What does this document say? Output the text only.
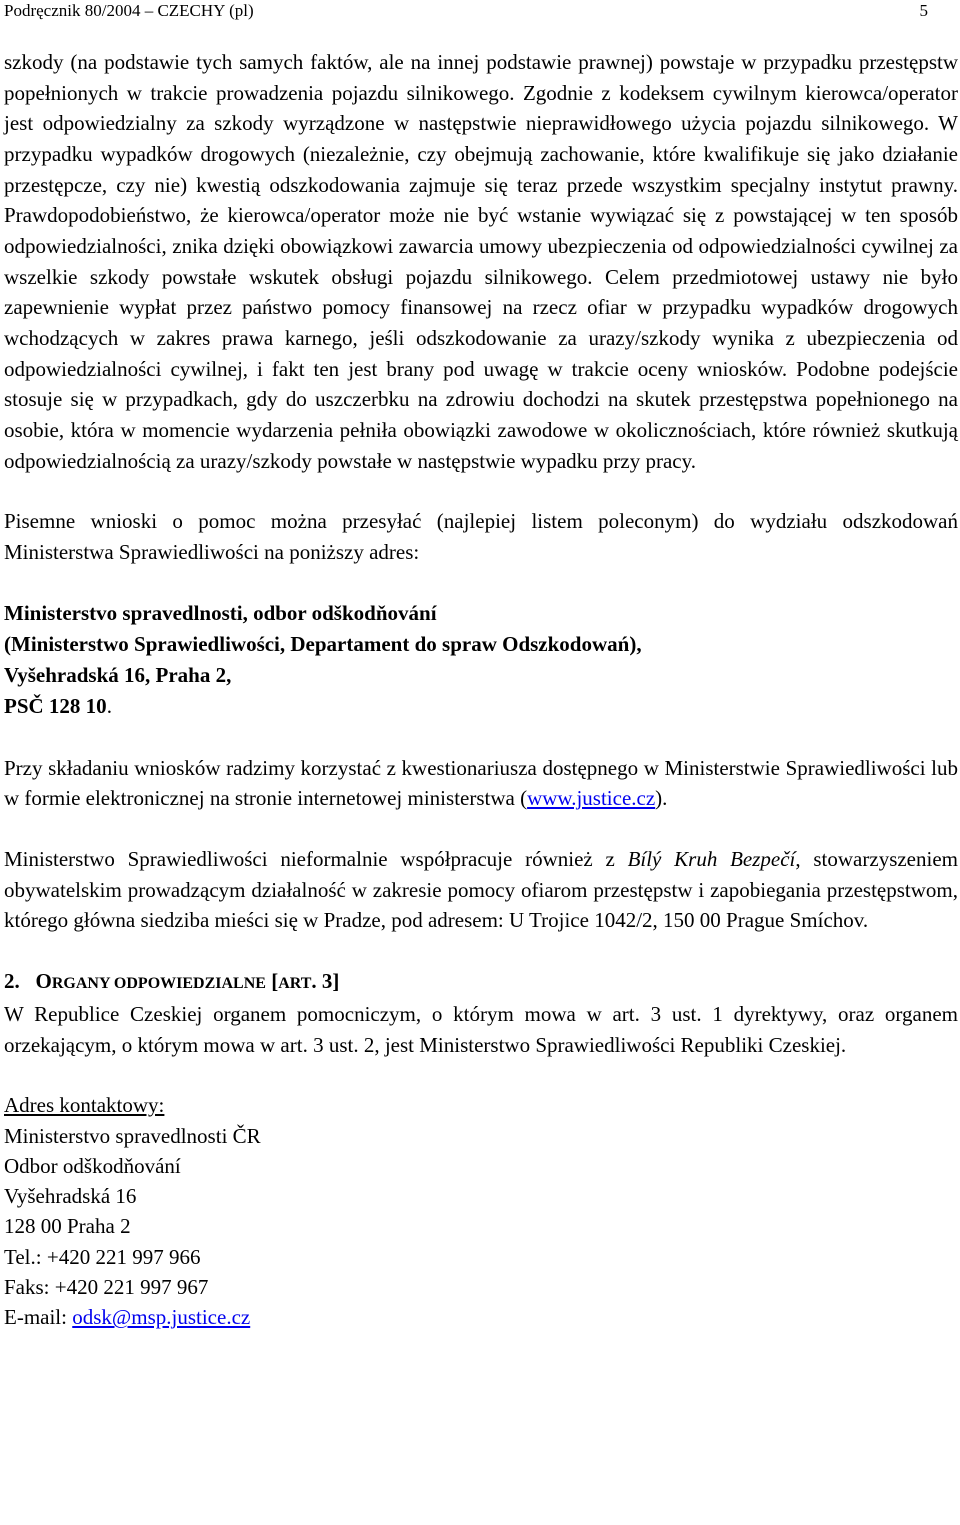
Podręcznik 80/2004 – CZECHY (pl)	5

szkody (na podstawie tych samych faktów, ale na innej podstawie prawnej) powstaje w przypadku przestępstw popełnionych w trakcie prowadzenia pojazdu silnikowego. Zgodnie z kodeksem cywilnym kierowca/operator jest odpowiedzialny za szkody wyrządzone w następstwie nieprawidłowego użycia pojazdu silnikowego. W przypadku wypadków drogowych (niezależnie, czy obejmują zachowanie, które kwalifikuje się jako działanie przestępcze, czy nie) kwestią odszkodowania zajmuje się teraz przede wszystkim specjalny instytut prawny. Prawdopodobieństwo, że kierowca/operator może nie być wstanie wywiązać się z powstającej w ten sposób odpowiedzialności, znika dzięki obowiązkowi zawarcia umowy ubezpieczenia od odpowiedzialności cywilnej za wszelkie szkody powstałe wskutek obsługi pojazdu silnikowego. Celem przedmiotowej ustawy nie było zapewnienie wypłat przez państwo pomocy finansowej na rzecz ofiar w przypadku wypadków drogowych wchodzących w zakres prawa karnego, jeśli odszkodowanie za urazy/szkody wynika z ubezpieczenia od odpowiedzialności cywilnej, i fakt ten jest brany pod uwagę w trakcie oceny wniosków. Podobne podejście stosuje się w przypadkach, gdy do uszczerbku na zdrowiu dochodzi na skutek przestępstwa popełnionego na osobie, która w momencie wydarzenia pełniła obowiązki zawodowe w okolicznościach, które również skutkują odpowiedzialnością za urazy/szkody powstałe w następstwie wypadku przy pracy.

Pisemne wnioski o pomoc można przesyłać (najlepiej listem poleconym) do wydziału odszkodowań Ministerstwa Sprawiedliwości na poniższy adres:

Ministerstvo spravedlnosti, odbor odškodňování
(Ministerstwo Sprawiedliwości, Departament do spraw Odszkodowań),
Vyšehradská 16, Praha 2,
PSČ 128 10.

Przy składaniu wniosków radzimy korzystać z kwestionariusza dostępnego w Ministerstwie Sprawiedliwości lub w formie elektronicznej na stronie internetowej ministerstwa (www.justice.cz).

Ministerstwo Sprawiedliwości nieformalnie współpracuje również z Bílý Kruh Bezpečí, stowarzyszeniem obywatelskim prowadzącym działalność w zakresie pomocy ofiarom przestępstw i zapobiegania przestępstwom, którego główna siedziba mieści się w Pradze, pod adresem: U Trojice 1042/2, 150 00 Prague Smíchov.

2. ORGANY ODPOWIEDZIALNE [ART. 3]

W Republice Czeskiej organem pomocniczym, o którym mowa w art. 3 ust. 1 dyrektywy, oraz organem orzekającym, o którym mowa w art. 3 ust. 2, jest Ministerstwo Sprawiedliwości Republiki Czeskiej.

Adres kontaktowy:

Ministerstvo spravedlnosti ČR

Odbor odškodňování

Vyšehradská 16

128 00 Praha 2

Tel.: +420 221 997 966

Faks: +420 221 997 967

E-mail: odsk@msp.justice.cz
